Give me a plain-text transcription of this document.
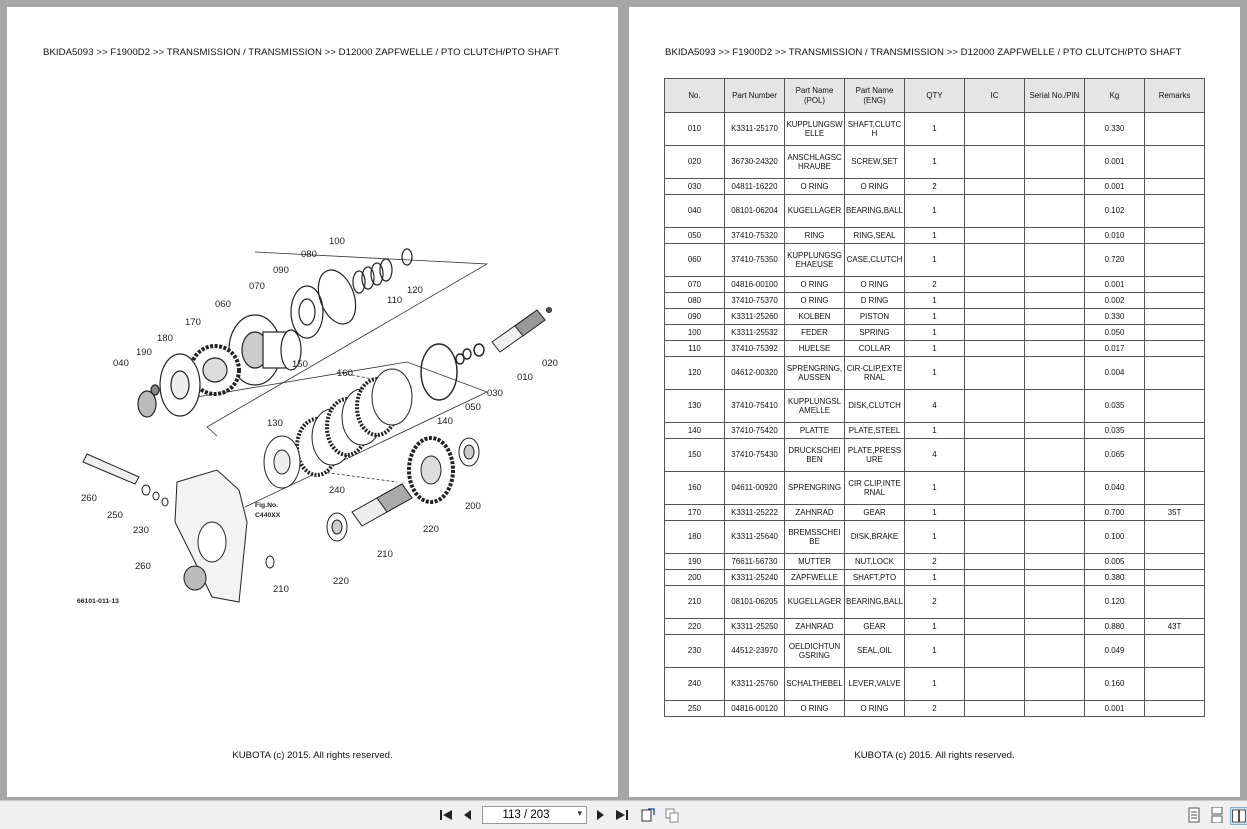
BKIDA5093 >> F1900D2 >> TRANSMISSION / TRANSMISSION >> D12000 ZAPFWELLE / PTO CLUTCH/PTO SHAFT
100
080
090
070
060
170
180
190
040
120
110
020
010
030
050
150
160
140
130
240
260
250
230
260
210
200
210
220
220
Fig.No.
C440XX
66101-011-13
KUBOTA (c) 2015. All rights reserved.
BKIDA5093 >> F1900D2 >> TRANSMISSION / TRANSMISSION >> D12000 ZAPFWELLE / PTO CLUTCH/PTO SHAFT
No.	Part Number	Part Name (POL)	Part Name (ENG)	QTY	IC	Serial No./PIN	Kg	Remarks
010	K3311-25170	KUPPLUNGSWELLE	SHAFT,CLUTCH	1			0.330	
020	36730-24320	ANSCHLAGSCHRAUBE	SCREW,SET	1			0.001	
030	04811-16220	O RING	O RING	2			0.001	
040	08101-06204	KUGELLAGER	BEARING,BALL	1			0.102	
050	37410-75320	RING	RING,SEAL	1			0.010	
060	37410-75350	KUPPLUNGSGEHAEUSE	CASE,CLUTCH	1			0.720	
070	04816-00100	O RING	O RING	2			0.001	
080	37410-75370	O RING	D RING	1			0.002	
090	K3311-25260	KOLBEN	PISTON	1			0.330	
100	K3311-25532	FEDER	SPRING	1			0.050	
110	37410-75392	HUELSE	COLLAR	1			0.017	
120	04612-00320	SPRENGRING,AUSSEN	CIR-CLIP,EXTERNAL	1			0.004	
130	37410-75410	KUPPLUNGSLAMELLE	DISK,CLUTCH	4			0.035	
140	37410-75420	PLATTE	PLATE,STEEL	1			0.035	
150	37410-75430	DRUCKSCHEIBEN	PLATE,PRESSURE	4			0.065	
160	04611-00920	SPRENGRING	CIR CLIP,INTERNAL	1			0.040	
170	K3311-25222	ZAHNRAD	GEAR	1			0.700	35T
180	K3311-25640	BREMSSCHEIBE	DISK,BRAKE	1			0.100	
190	76611-56730	MUTTER	NUT,LOCK	2			0.005	
200	K3311-25240	ZAPFWELLE	SHAFT,PTO	1			0.380	
210	08101-06205	KUGELLAGER	BEARING,BALL	2			0.120	
220	K3311-25250	ZAHNRAD	GEAR	1			0.880	43T
230	44512-23970	OELDICHTUNGSRING	SEAL,OIL	1			0.049	
240	K3311-25760	SCHALTHEBEL	LEVER,VALVE	1			0.160	
250	04816-00120	O RING	O RING	2			0.001	
KUBOTA (c) 2015. All rights reserved.
113 / 203	▾
